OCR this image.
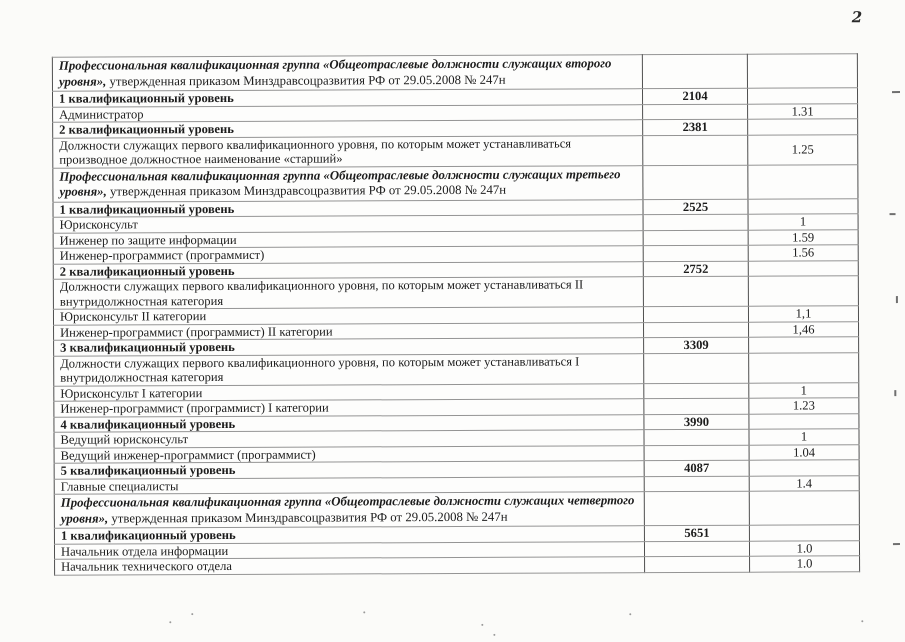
2
Профессиональная квалификационная группа «Общеотраслевые должности служащих второго уровня», утвержденная приказом Минздравсоцразвития РФ от 29.05.2008 № 247н		
1 квалификационный уровень	2104	
Администратор		1.31
2 квалификационный уровень	2381	
Должности служащих первого квалификационного уровня, по которым может устанавливаться производное должностное наименование «старший»		1.25
Профессиональная квалификационная группа «Общеотраслевые должности служащих третьего уровня», утвержденная приказом Минздравсоцразвития РФ от 29.05.2008 № 247н		
1 квалификационный уровень	2525	
Юрисконсульт		1
Инженер по защите информации		1.59
Инженер-программист (программист)		1.56
2 квалификационный уровень	2752	
Должности служащих первого квалификационного уровня, по которым может устанавливаться II внутридолжностная категория		
Юрисконсульт II категории		1,1
Инженер-программист (программист) II категории		1,46
3 квалификационный уровень	3309	
Должности служащих первого квалификационного уровня, по которым может устанавливаться I внутридолжностная категория		
Юрисконсульт I категории		1
Инженер-программист (программист) I категории		1.23
4 квалификационный уровень	3990	
Ведущий юрисконсульт		1
Ведущий инженер-программист (программист)		1.04
5 квалификационный уровень	4087	
Главные специалисты		1.4
Профессиональная квалификационная группа «Общеотраслевые должности служащих четвертого уровня», утвержденная приказом Минздравсоцразвития РФ от 29.05.2008 № 247н		
1 квалификационный уровень	5651	
Начальник отдела информации		1.0
Начальник технического отдела		1.0
